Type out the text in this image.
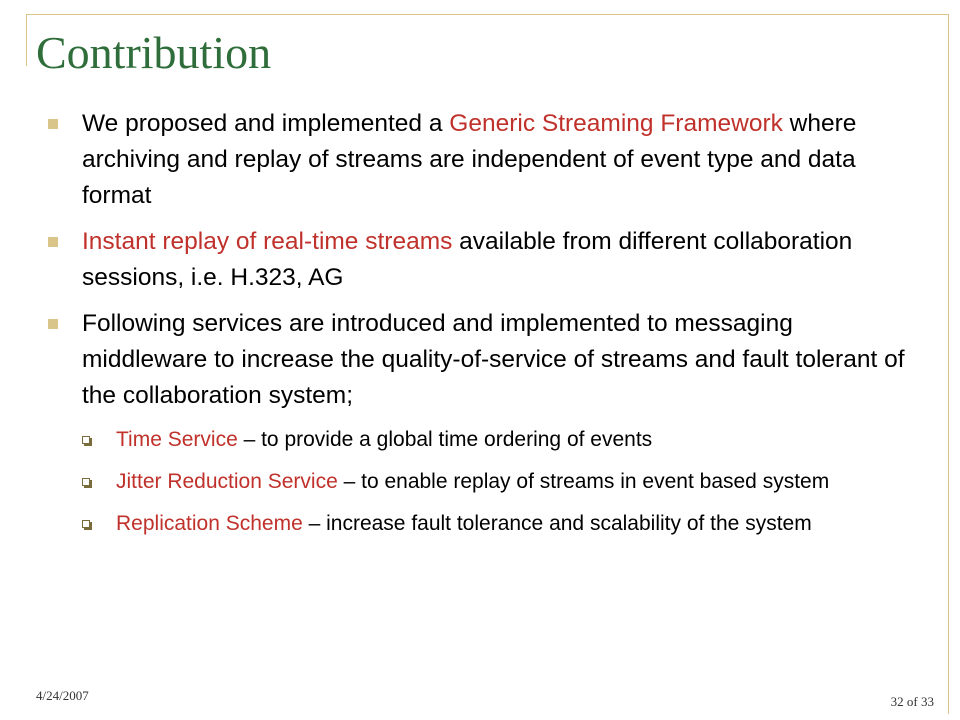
Contribution
We proposed and implemented a Generic Streaming Framework where archiving and replay of streams are independent of event type and data format
Instant replay of real-time streams available from different collaboration sessions, i.e. H.323, AG
Following services are introduced and implemented to messaging middleware to increase the quality-of-service of streams and fault tolerant of the collaboration system;
Time Service – to provide a global time ordering of events
Jitter Reduction Service – to enable replay of streams in event based system
Replication Scheme – increase fault tolerance and scalability of the system
4/24/2007	32 of 33
